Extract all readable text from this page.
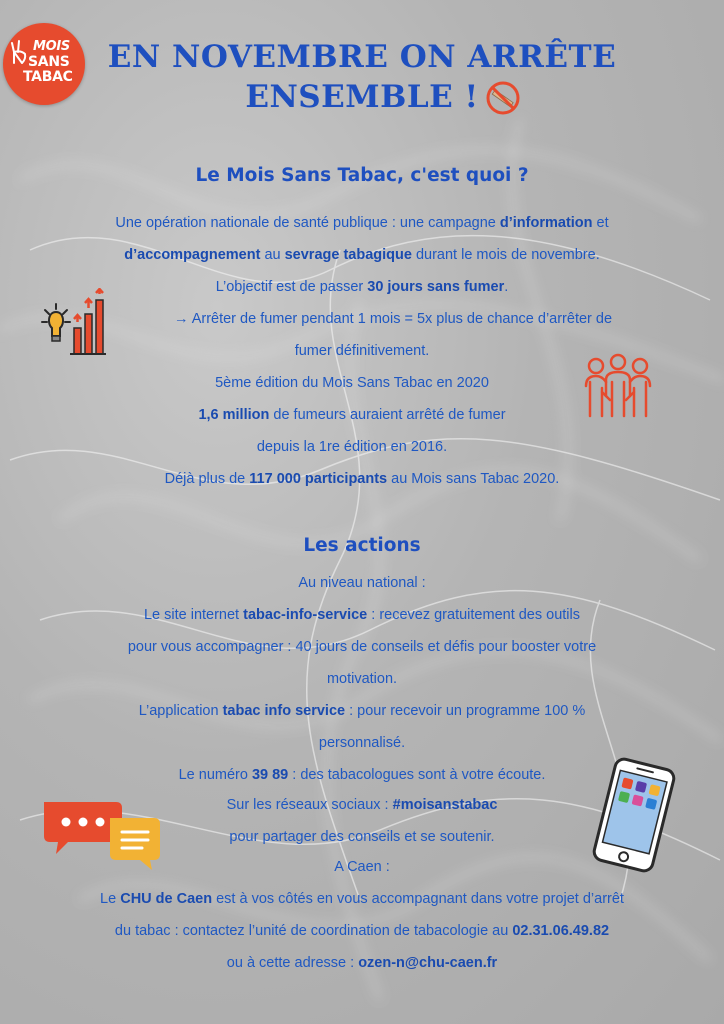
MOIS
SANS
TABAC
EN NOVEMBRE ON ARRÊTE
ENSEMBLE !
Le Mois Sans Tabac, c'est quoi ?

Une opération nationale de santé publique : une campagne d’information et

d’accompagnement au sevrage tabagique durant le mois de novembre.

L’objectif est de passer 30 jours sans fumer.

→ Arrêter de fumer pendant 1 mois = 5x plus de chance d’arrêter de

fumer définitivement.

5ème édition du Mois Sans Tabac en 2020

1,6 million de fumeurs auraient arrêté de fumer

depuis la 1re édition en 2016.

Déjà plus de 117 000 participants au Mois sans Tabac 2020.

Les actions

Au niveau national :

Le site internet tabac-info-service : recevez gratuitement des outils

pour vous accompagner : 40 jours de conseils et défis pour booster votre

motivation.

L’application tabac info service : pour recevoir un programme 100 %

personnalisé.

Le numéro 39 89 : des tabacologues sont à votre écoute.

Sur les réseaux sociaux : #moisanstabac

pour partager des conseils et se soutenir.

A Caen :

Le CHU de Caen est à vos côtés en vous accompagnant dans votre projet d’arrêt

du tabac : contactez l’unité de coordination de tabacologie au 02.31.06.49.82

ou à cette adresse : ozen-n@chu-caen.fr
